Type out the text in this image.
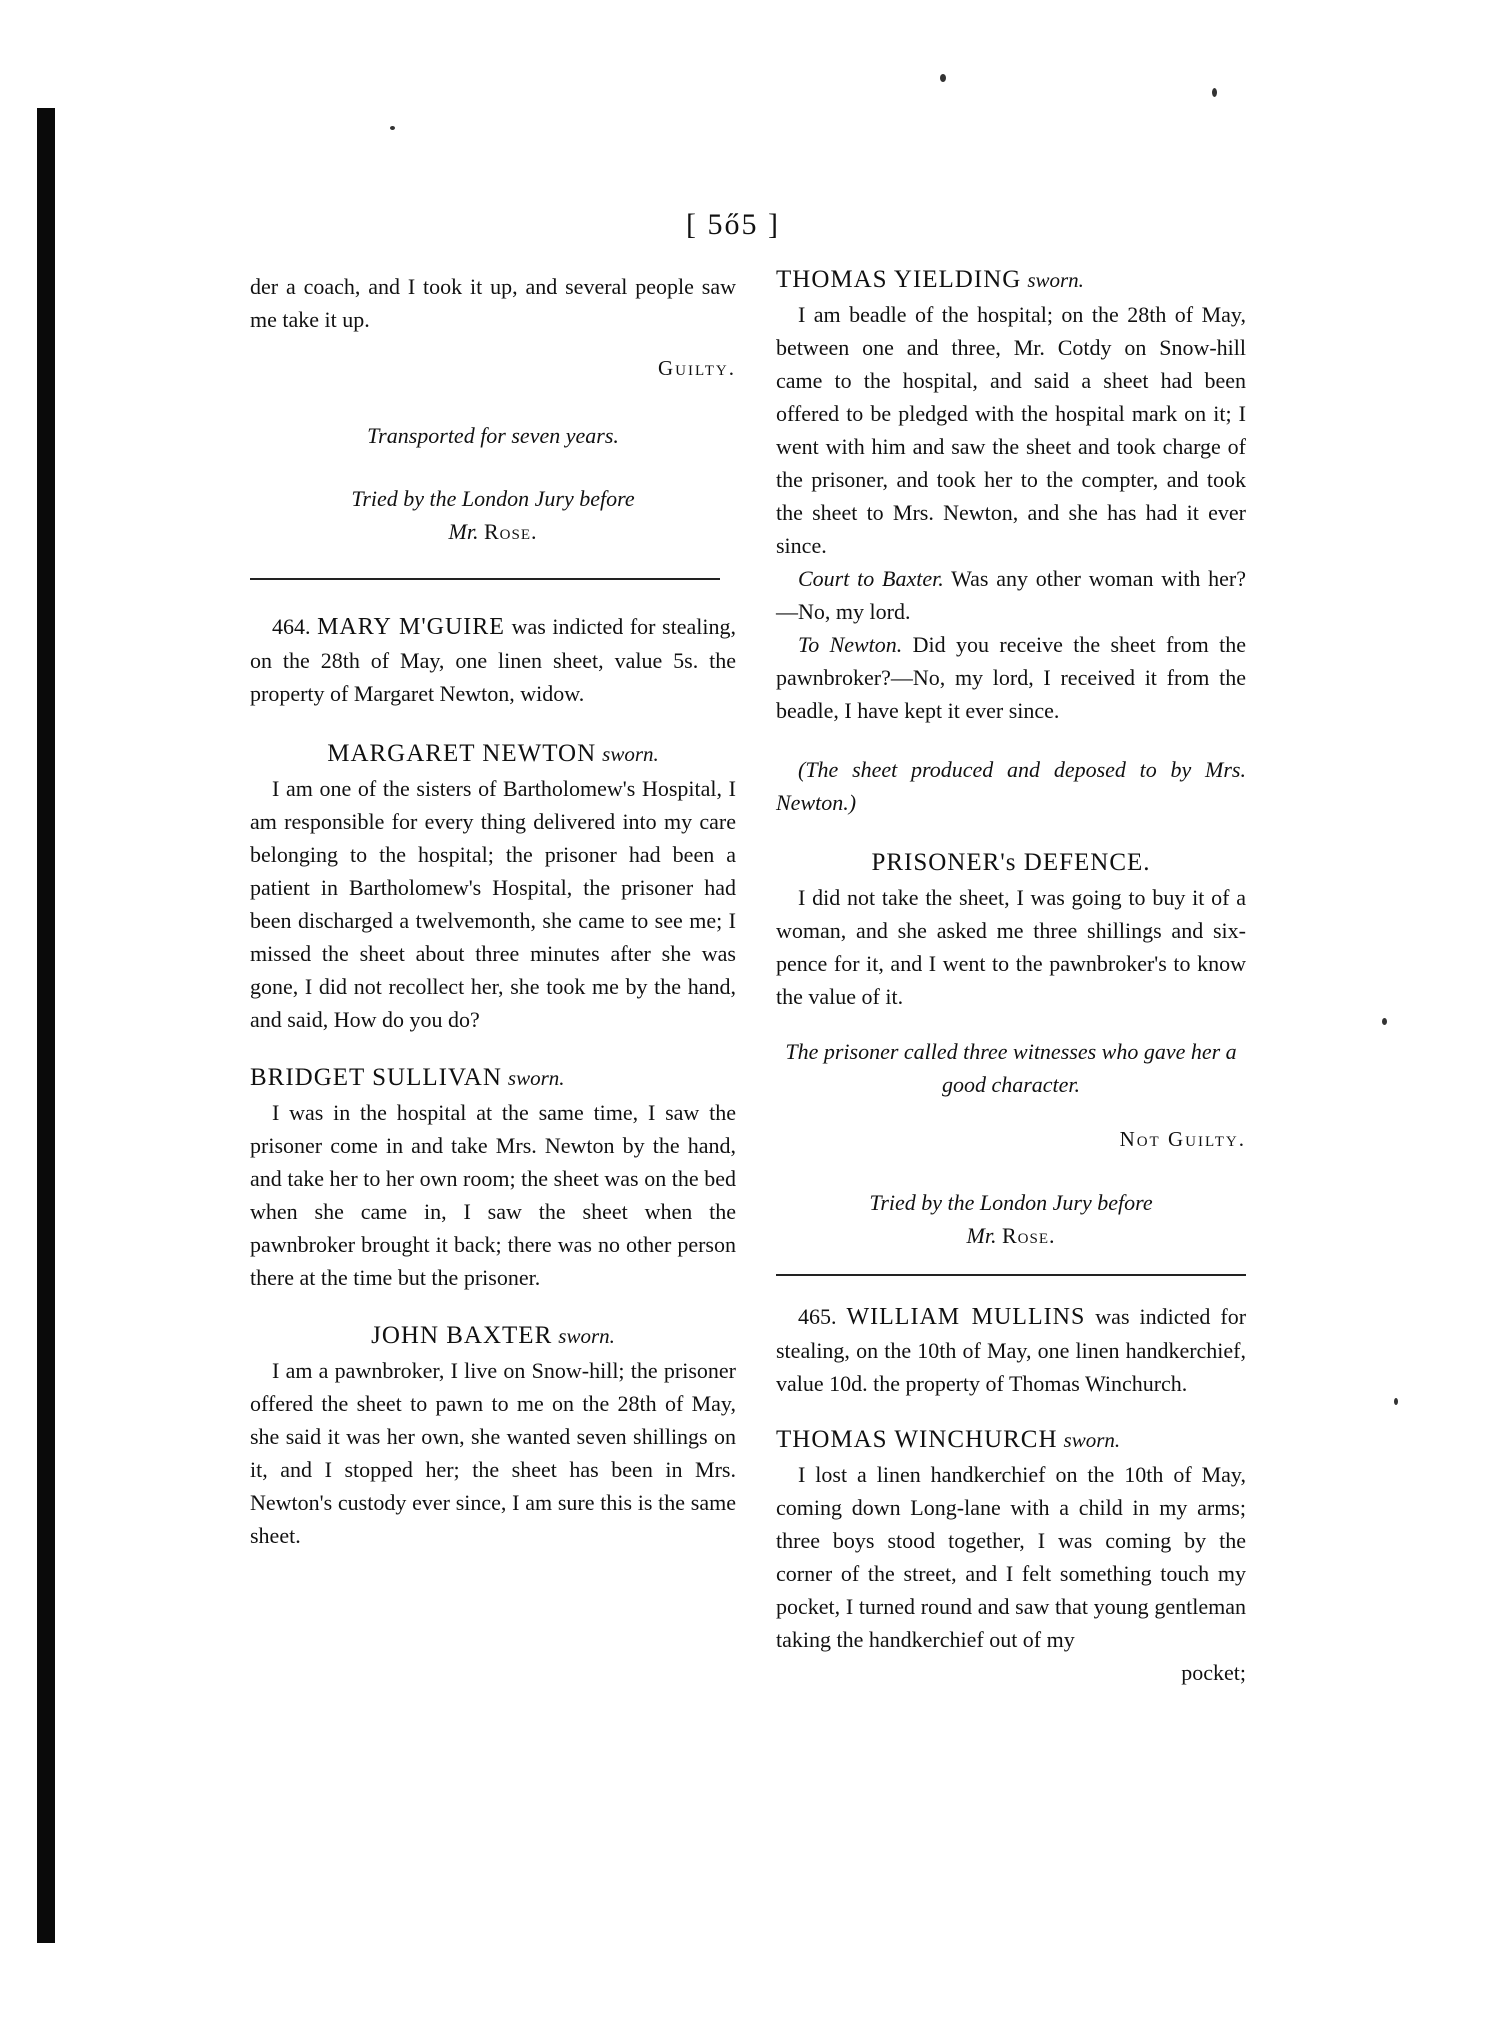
[ 5ő5 ]

der a coach, and I took it up, and several people saw me take it up.

Guilty.

Transported for seven years.

Tried by the London Jury before

Mr. Rose.

464. MARY M'GUIRE was indicted for stealing, on the 28th of May, one linen sheet, value 5s. the property of Margaret Newton, widow.

MARGARET NEWTON sworn.

I am one of the sisters of Bartholomew's Hospital, I am responsible for every thing delivered into my care belonging to the hospital; the prisoner had been a patient in Bartholomew's Hospital, the prisoner had been discharged a twelvemonth, she came to see me; I missed the sheet about three minutes after she was gone, I did not recollect her, she took me by the hand, and said, How do you do?

BRIDGET SULLIVAN sworn.

I was in the hospital at the same time, I saw the prisoner come in and take Mrs. Newton by the hand, and take her to her own room; the sheet was on the bed when she came in, I saw the sheet when the pawnbroker brought it back; there was no other person there at the time but the prisoner.

JOHN BAXTER sworn.

I am a pawnbroker, I live on Snow-hill; the prisoner offered the sheet to pawn to me on the 28th of May, she said it was her own, she wanted seven shillings on it, and I stopped her; the sheet has been in Mrs. Newton's custody ever since, I am sure this is the same sheet.

THOMAS YIELDING sworn.

I am beadle of the hospital; on the 28th of May, between one and three, Mr. Cotdy on Snow-hill came to the hospital, and said a sheet had been offered to be pledged with the hospital mark on it; I went with him and saw the sheet and took charge of the prisoner, and took her to the compter, and took the sheet to Mrs. Newton, and she has had it ever since.

Court to Baxter. Was any other woman with her?—No, my lord.

To Newton. Did you receive the sheet from the pawnbroker?—No, my lord, I received it from the beadle, I have kept it ever since.

(The sheet produced and deposed to by Mrs. Newton.)

PRISONER's DEFENCE.

I did not take the sheet, I was going to buy it of a woman, and she asked me three shillings and six-pence for it, and I went to the pawnbroker's to know the value of it.

The prisoner called three witnesses who gave her a good character.

Not Guilty.

Tried by the London Jury before

Mr. Rose.

465. WILLIAM MULLINS was indicted for stealing, on the 10th of May, one linen handkerchief, value 10d. the property of Thomas Winchurch.

THOMAS WINCHURCH sworn.

I lost a linen handkerchief on the 10th of May, coming down Long-lane with a child in my arms; three boys stood together, I was coming by the corner of the street, and I felt something touch my pocket, I turned round and saw that young gentleman taking the handkerchief out of my

pocket;
